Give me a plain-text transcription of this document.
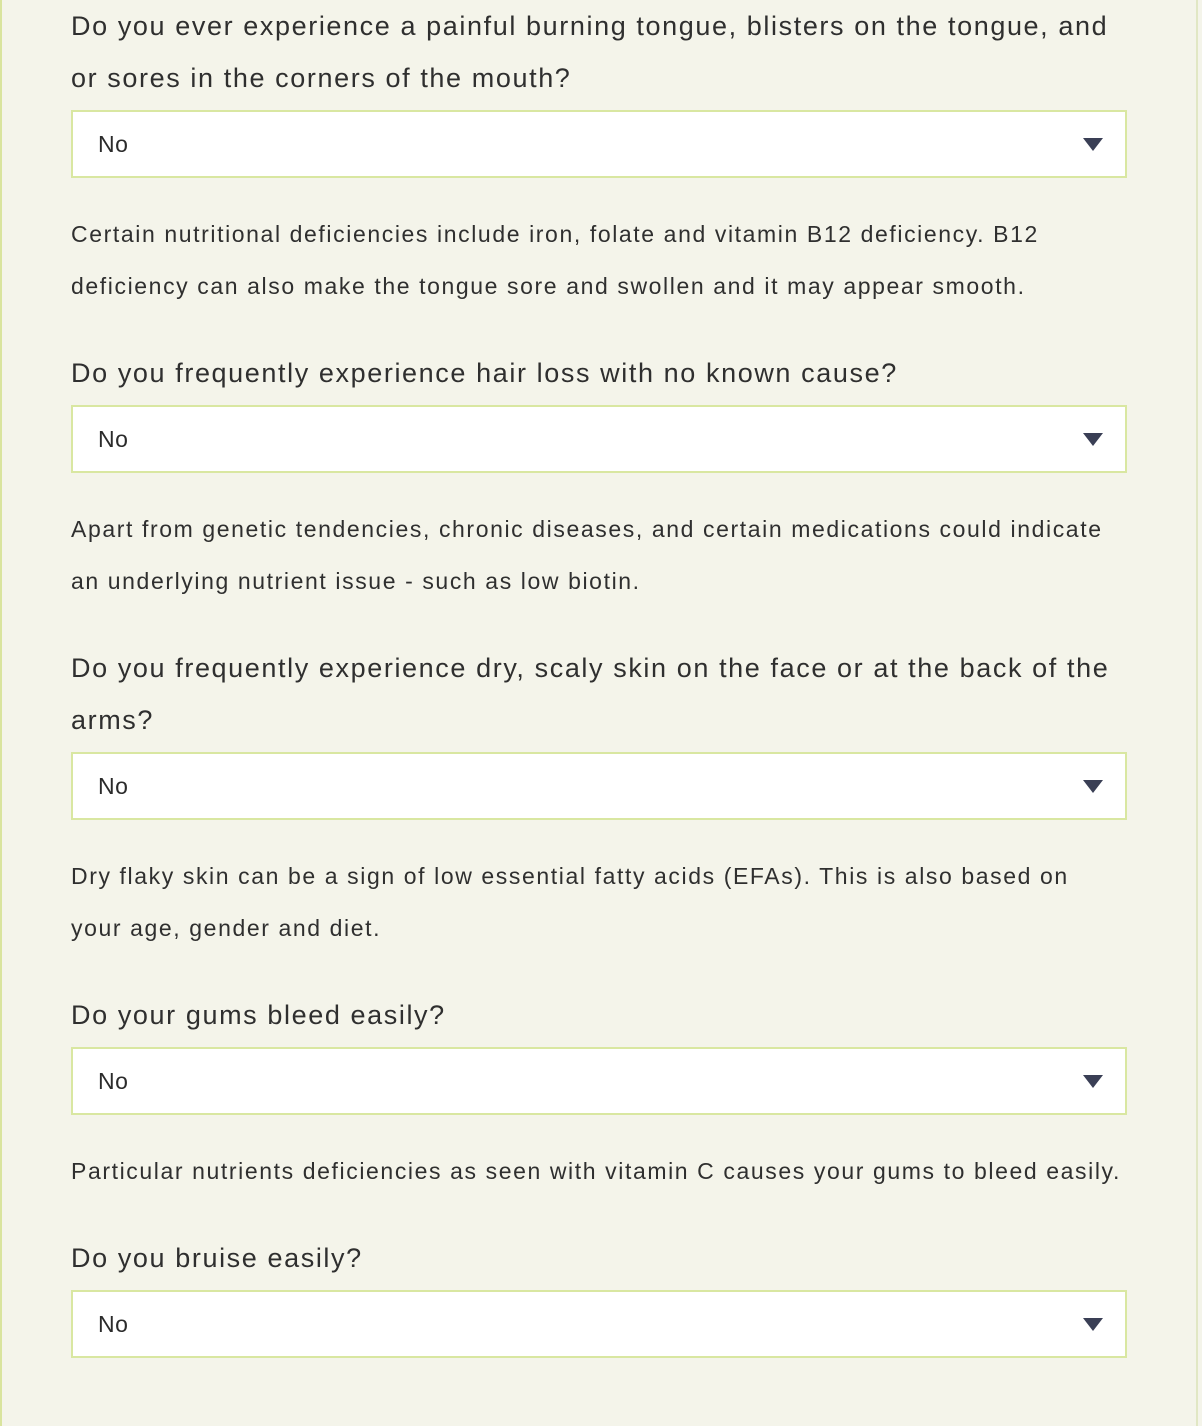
Do you ever experience a painful burning tongue, blisters on the tongue, and or sores in the corners of the mouth?

No

Certain nutritional deficiencies include iron, folate and vitamin B12 deficiency. B12 deficiency can also make the tongue sore and swollen and it may appear smooth.

Do you frequently experience hair loss with no known cause?

No

Apart from genetic tendencies, chronic diseases, and certain medications could indicate an underlying nutrient issue - such as low biotin.

Do you frequently experience dry, scaly skin on the face or at the back of the arms?

No

Dry flaky skin can be a sign of low essential fatty acids (EFAs). This is also based on your age, gender and diet.

Do your gums bleed easily?

No

Particular nutrients deficiencies as seen with vitamin C causes your gums to bleed easily.

Do you bruise easily?

No
